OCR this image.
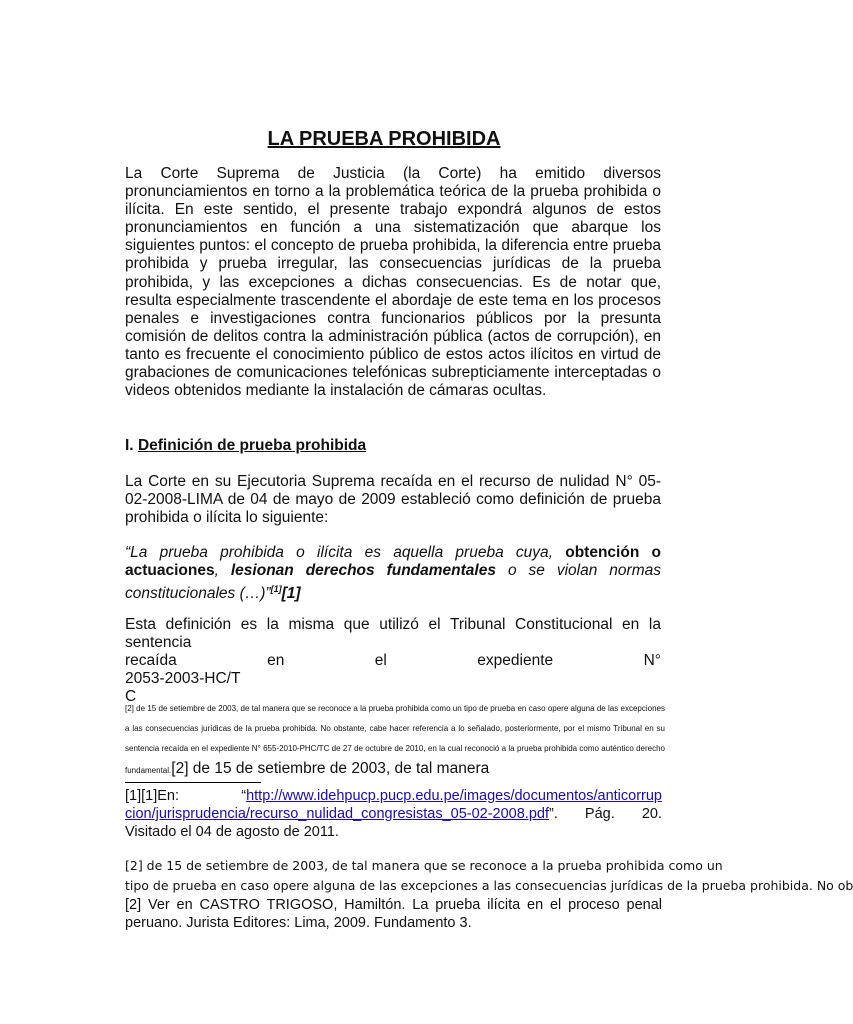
LA PRUEBA PROHIBIDA

La Corte Suprema de Justicia (la Corte) ha emitido diversos pronunciamientos en torno a la problemática teórica de la prueba prohibida o ilícita. En este sentido, el presente trabajo expondrá algunos de estos pronunciamientos en función a una sistematización que abarque los siguientes puntos: el concepto de prueba prohibida, la diferencia entre prueba prohibida y prueba irregular, las consecuencias jurídicas de la prueba prohibida, y las excepciones a dichas consecuencias. Es de notar que, resulta especialmente trascendente el abordaje de este tema en los procesos penales e investigaciones contra funcionarios públicos por la presunta comisión de delitos contra la administración pública (actos de corrupción), en tanto es frecuente el conocimiento público de estos actos ilícitos en virtud de grabaciones de comunicaciones telefónicas subrepticiamente interceptadas o videos obtenidos mediante la instalación de cámaras ocultas.

I. Definición de prueba prohibida

La Corte en su Ejecutoria Suprema recaída en el recurso de nulidad N° 05-02-2008-LIMA de 04 de mayo de 2009 estableció como definición de prueba prohibida o ilícita lo siguiente:

“La prueba prohibida o ilícita es aquella prueba cuya, obtención o actuaciones, lesionan derechos fundamentales o se violan normas constitucionales (…)”[1][1]

Esta definición es la misma que utilizó el Tribunal Constitucional en la sentencia
recaída	en	el	expediente	N°
2053-2003-HC/T
C

[2] de 15 de setiembre de 2003, de tal manera que se reconoce a la prueba prohibida como un tipo de prueba en caso opere alguna de las excepciones a las consecuencias jurídicas de la prueba prohibida. No obstante, cabe hacer referencia a lo señalado, posteriormente, por el mismo Tribunal en su sentencia recaída en el expediente N° 655-2010-PHC/TC de 27 de octubre de 2010, en la cual reconoció a la prueba prohibida como auténtico derecho fundamental.[2] de 15 de setiembre de 2003, de tal manera

[1][1]En:	“http://www.idehpucp.pucp.edu.pe/images/documentos/anticorrupcion/jurisprudencia/recurso_nulidad_congresistas_05-02-2008.pdf”. Pág. 20. Visitado el 04 de agosto de 2011.

[2] de 15 de setiembre de 2003, de tal manera que se reconoce a la prueba prohibida como un

tipo de prueba en caso opere alguna de las excepciones a las consecuencias jurídicas de la prueba prohibida. No ob

[2] Ver en CASTRO TRIGOSO, Hamiltón. La prueba ilícita en el proceso penal peruano. Jurista Editores: Lima, 2009. Fundamento 3.
